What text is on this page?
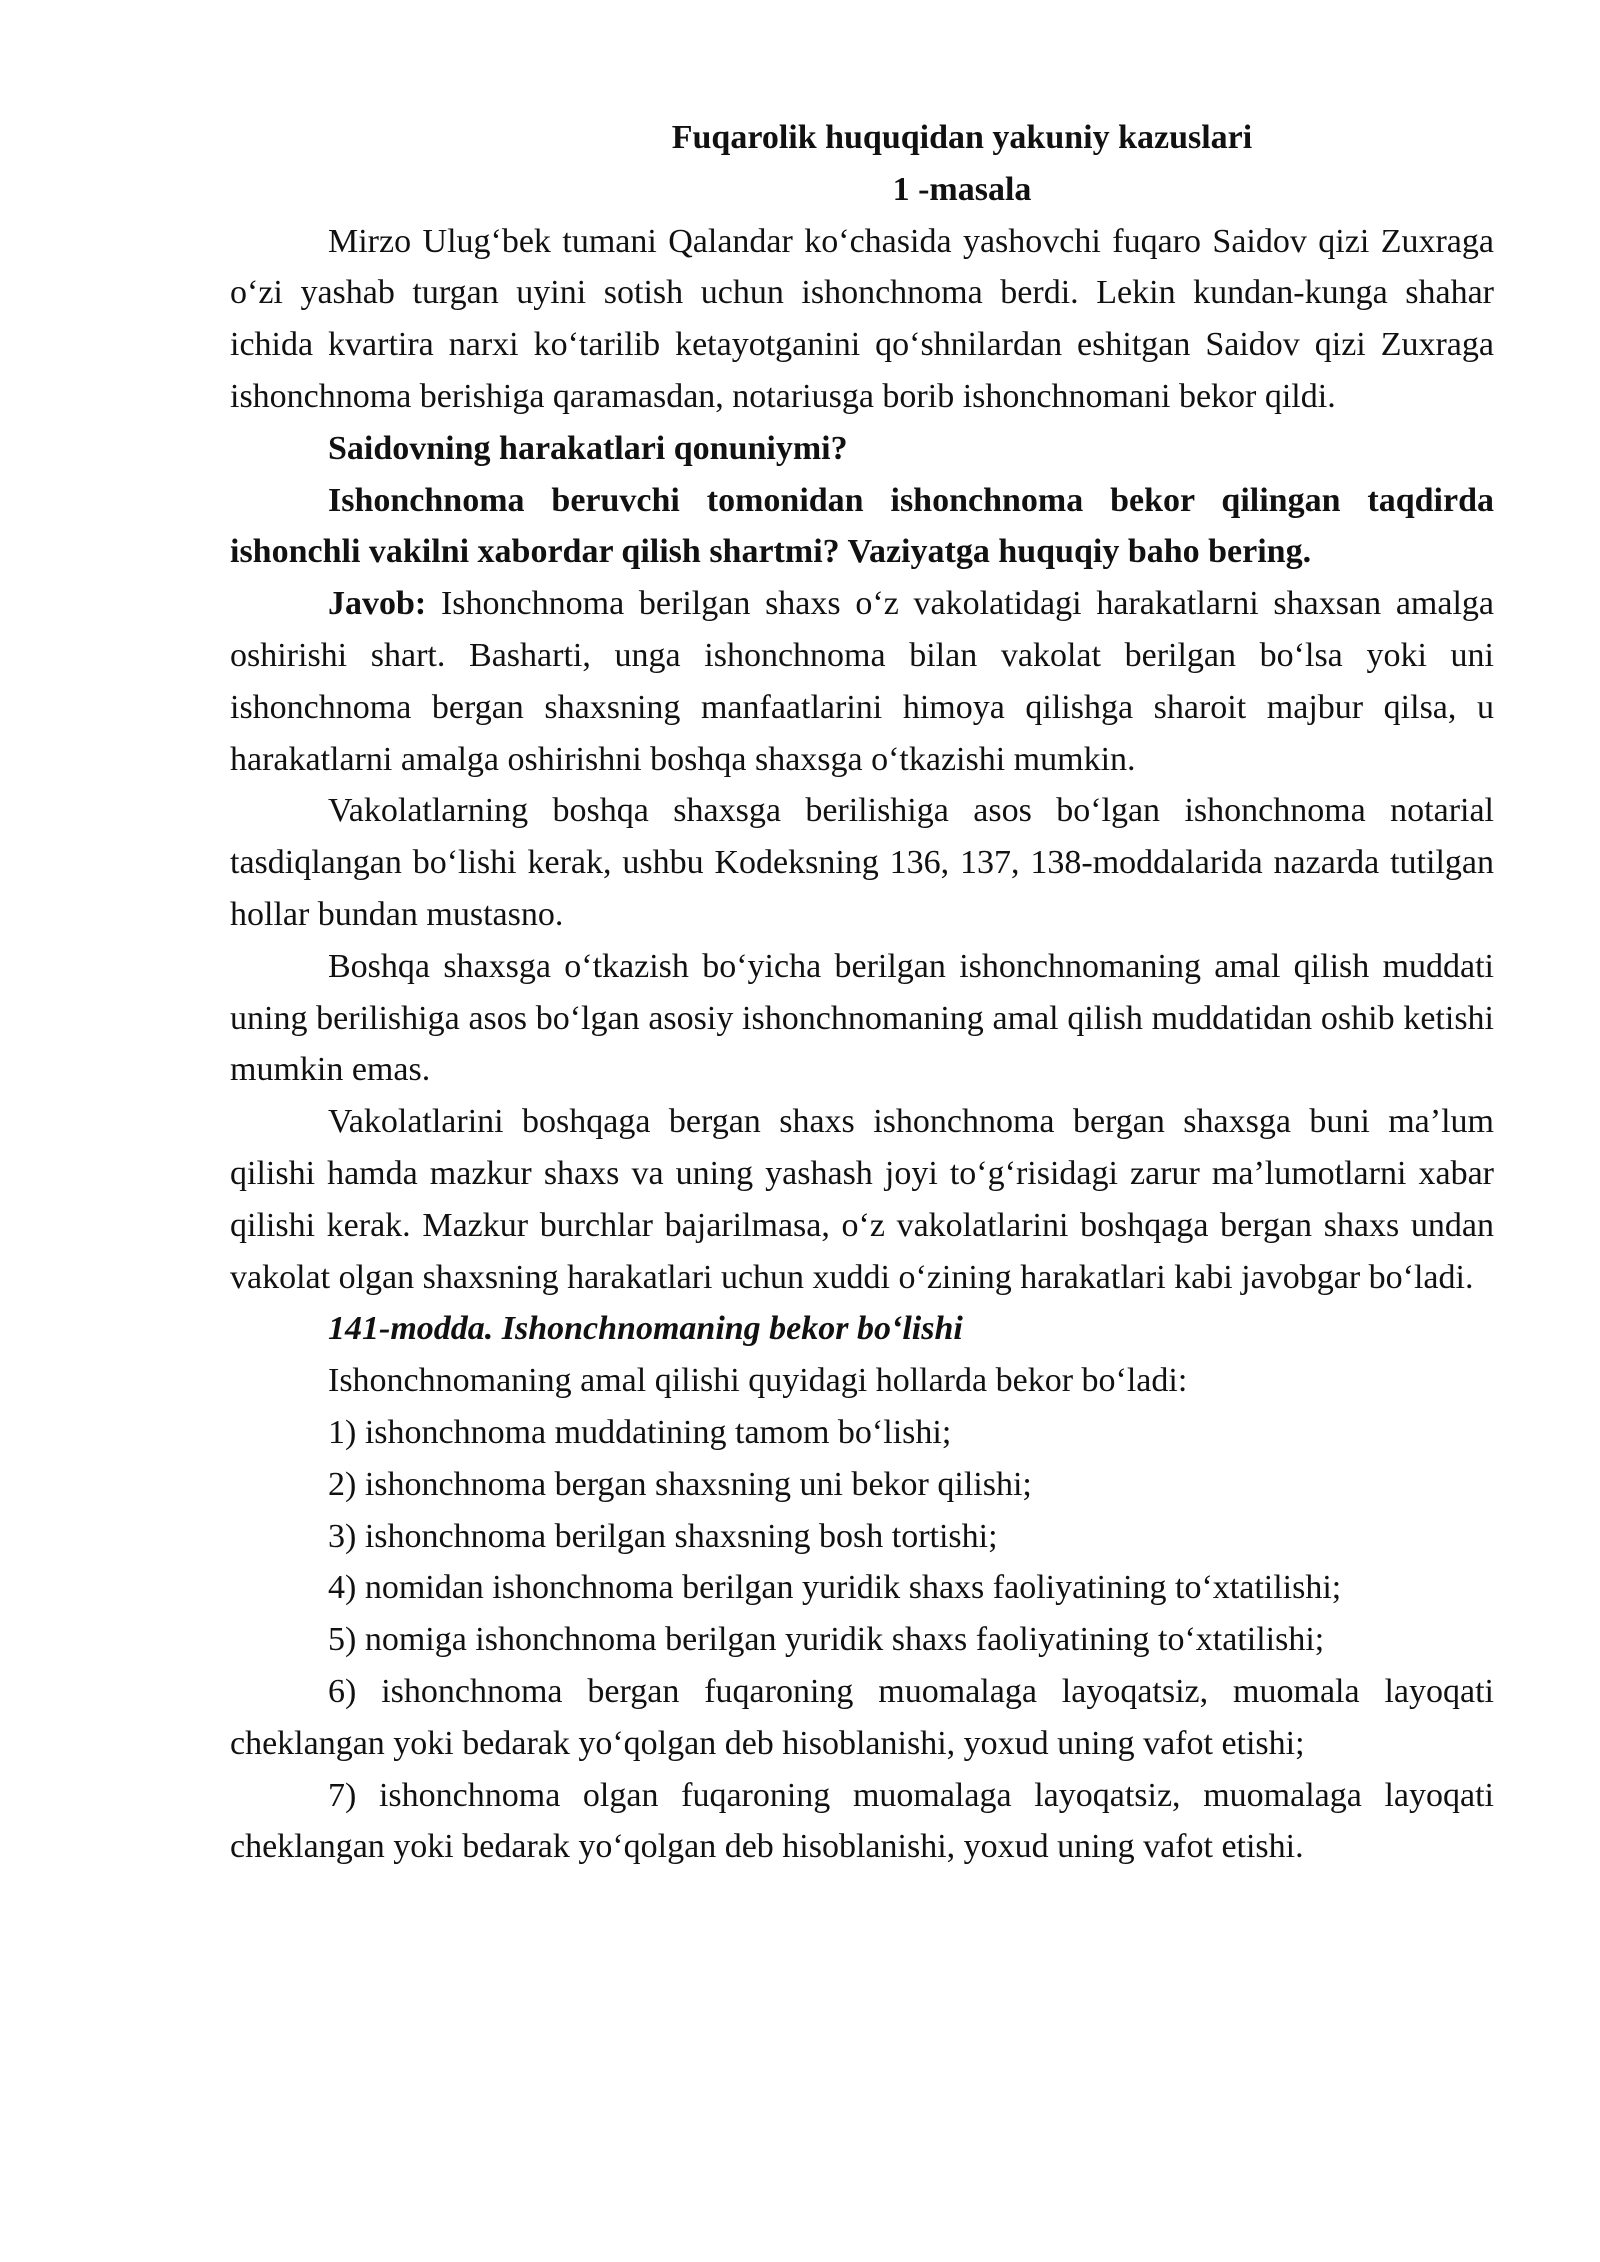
Fuqarolik huquqidan yakuniy kazuslari

1 -masala

Mirzo Ulug‘bek tumani Qalandar ko‘chasida yashovchi fuqaro Saidov qizi Zuxraga o‘zi yashab turgan uyini sotish uchun ishonchnoma berdi. Lekin kundan-kunga shahar ichida kvartira narxi ko‘tarilib ketayotganini qo‘shnilardan eshitgan Saidov qizi Zuxraga ishonchnoma berishiga qaramasdan, notariusga borib ishonchnomani bekor qildi.

Saidovning harakatlari qonuniymi?

Ishonchnoma beruvchi tomonidan ishonchnoma bekor qilingan taqdirda ishonchli vakilni xabordar qilish shartmi? Vaziyatga huquqiy baho bering.

Javob: Ishonchnoma berilgan shaxs o‘z vakolatidagi harakatlarni shaxsan amalga oshirishi shart. Basharti, unga ishonchnoma bilan vakolat berilgan bo‘lsa yoki uni ishonchnoma bergan shaxsning manfaatlarini himoya qilishga sharoit majbur qilsa, u harakatlarni amalga oshirishni boshqa shaxsga o‘tkazishi mumkin.

Vakolatlarning boshqa shaxsga berilishiga asos bo‘lgan ishonchnoma notarial tasdiqlangan bo‘lishi kerak, ushbu Kodeksning 136, 137, 138-moddalarida nazarda tutilgan hollar bundan mustasno.

Boshqa shaxsga o‘tkazish bo‘yicha berilgan ishonchnomaning amal qilish muddati uning berilishiga asos bo‘lgan asosiy ishonchnomaning amal qilish muddatidan oshib ketishi mumkin emas.

Vakolatlarini boshqaga bergan shaxs ishonchnoma bergan shaxsga buni ma’lum qilishi hamda mazkur shaxs va uning yashash joyi to‘g‘risidagi zarur ma’lumotlarni xabar qilishi kerak. Mazkur burchlar bajarilmasa, o‘z vakolatlarini boshqaga bergan shaxs undan vakolat olgan shaxsning harakatlari uchun xuddi o‘zining harakatlari kabi javobgar bo‘ladi.

141-modda. Ishonchnomaning bekor bo‘lishi

Ishonchnomaning amal qilishi quyidagi hollarda bekor bo‘ladi:

1) ishonchnoma muddatining tamom bo‘lishi;

2) ishonchnoma bergan shaxsning uni bekor qilishi;

3) ishonchnoma berilgan shaxsning bosh tortishi;

4) nomidan ishonchnoma berilgan yuridik shaxs faoliyatining to‘xtatilishi;

5) nomiga ishonchnoma berilgan yuridik shaxs faoliyatining to‘xtatilishi;

6) ishonchnoma bergan fuqaroning muomalaga layoqatsiz, muomala layoqati cheklangan yoki bedarak yo‘qolgan deb hisoblanishi, yoxud uning vafot etishi;

7) ishonchnoma olgan fuqaroning muomalaga layoqatsiz, muomalaga layoqati cheklangan yoki bedarak yo‘qolgan deb hisoblanishi, yoxud uning vafot etishi.
